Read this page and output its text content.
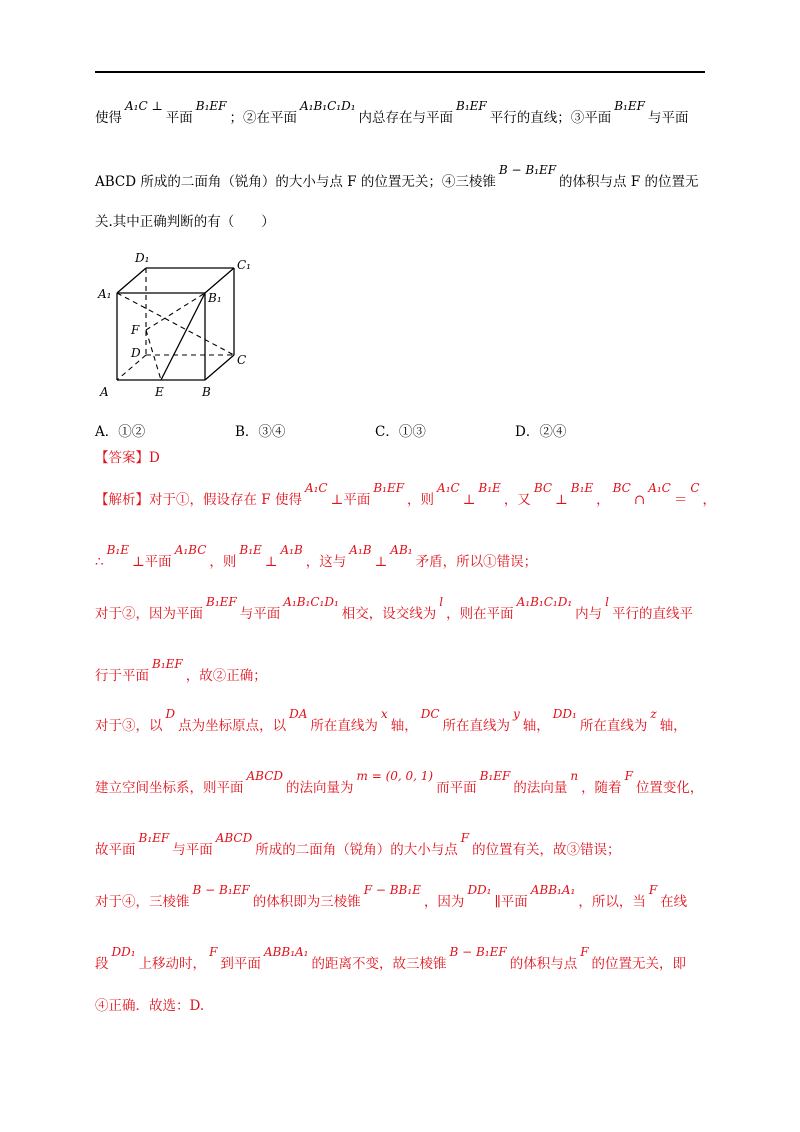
使得A₁C ⊥平面B₁EF；②在平面A₁B₁C₁D₁内总存在与平面B₁EF平行的直线；③平面B₁EF与平面
ABCD 所成的二面角（锐角）的大小与点 F 的位置无关；④三棱锥B − B₁EF的体积与点 F 的位置无
关.其中正确判断的有（　　）
A	B
C
D
A₁	B₁
C₁
D₁
E
F
A．①②	B．③④	C．①③	D．②④
【答案】D
【解析】对于①，假设存在 F 使得A₁C⊥平面B₁EF，则A₁C⊥B₁E，又BC⊥B₁E，BC∩A₁C＝C，
∴B₁E⊥平面A₁BC，则B₁E⊥A₁B，这与A₁B⊥AB₁矛盾，所以①错误；
对于②，因为平面B₁EF与平面A₁B₁C₁D₁相交，设交线为l，则在平面A₁B₁C₁D₁内与l平行的直线平
行于平面B₁EF，故②正确；
对于③，以D点为坐标原点，以DA所在直线为x轴，DC所在直线为y轴，DD₁所在直线为z轴，
建立空间坐标系，则平面ABCD的法向量为m = (0, 0, 1)而平面B₁EF的法向量n，随着F位置变化，
故平面B₁EF与平面ABCD所成的二面角（锐角）的大小与点F的位置有关，故③错误；
对于④，三棱锥B − B₁EF的体积即为三棱锥F − BB₁E，因为DD₁∥平面ABB₁A₁，所以，当F在线
段DD₁上移动时，F到平面ABB₁A₁的距离不变，故三棱锥B − B₁EF的体积与点F的位置无关，即
④正确．故选：D.
